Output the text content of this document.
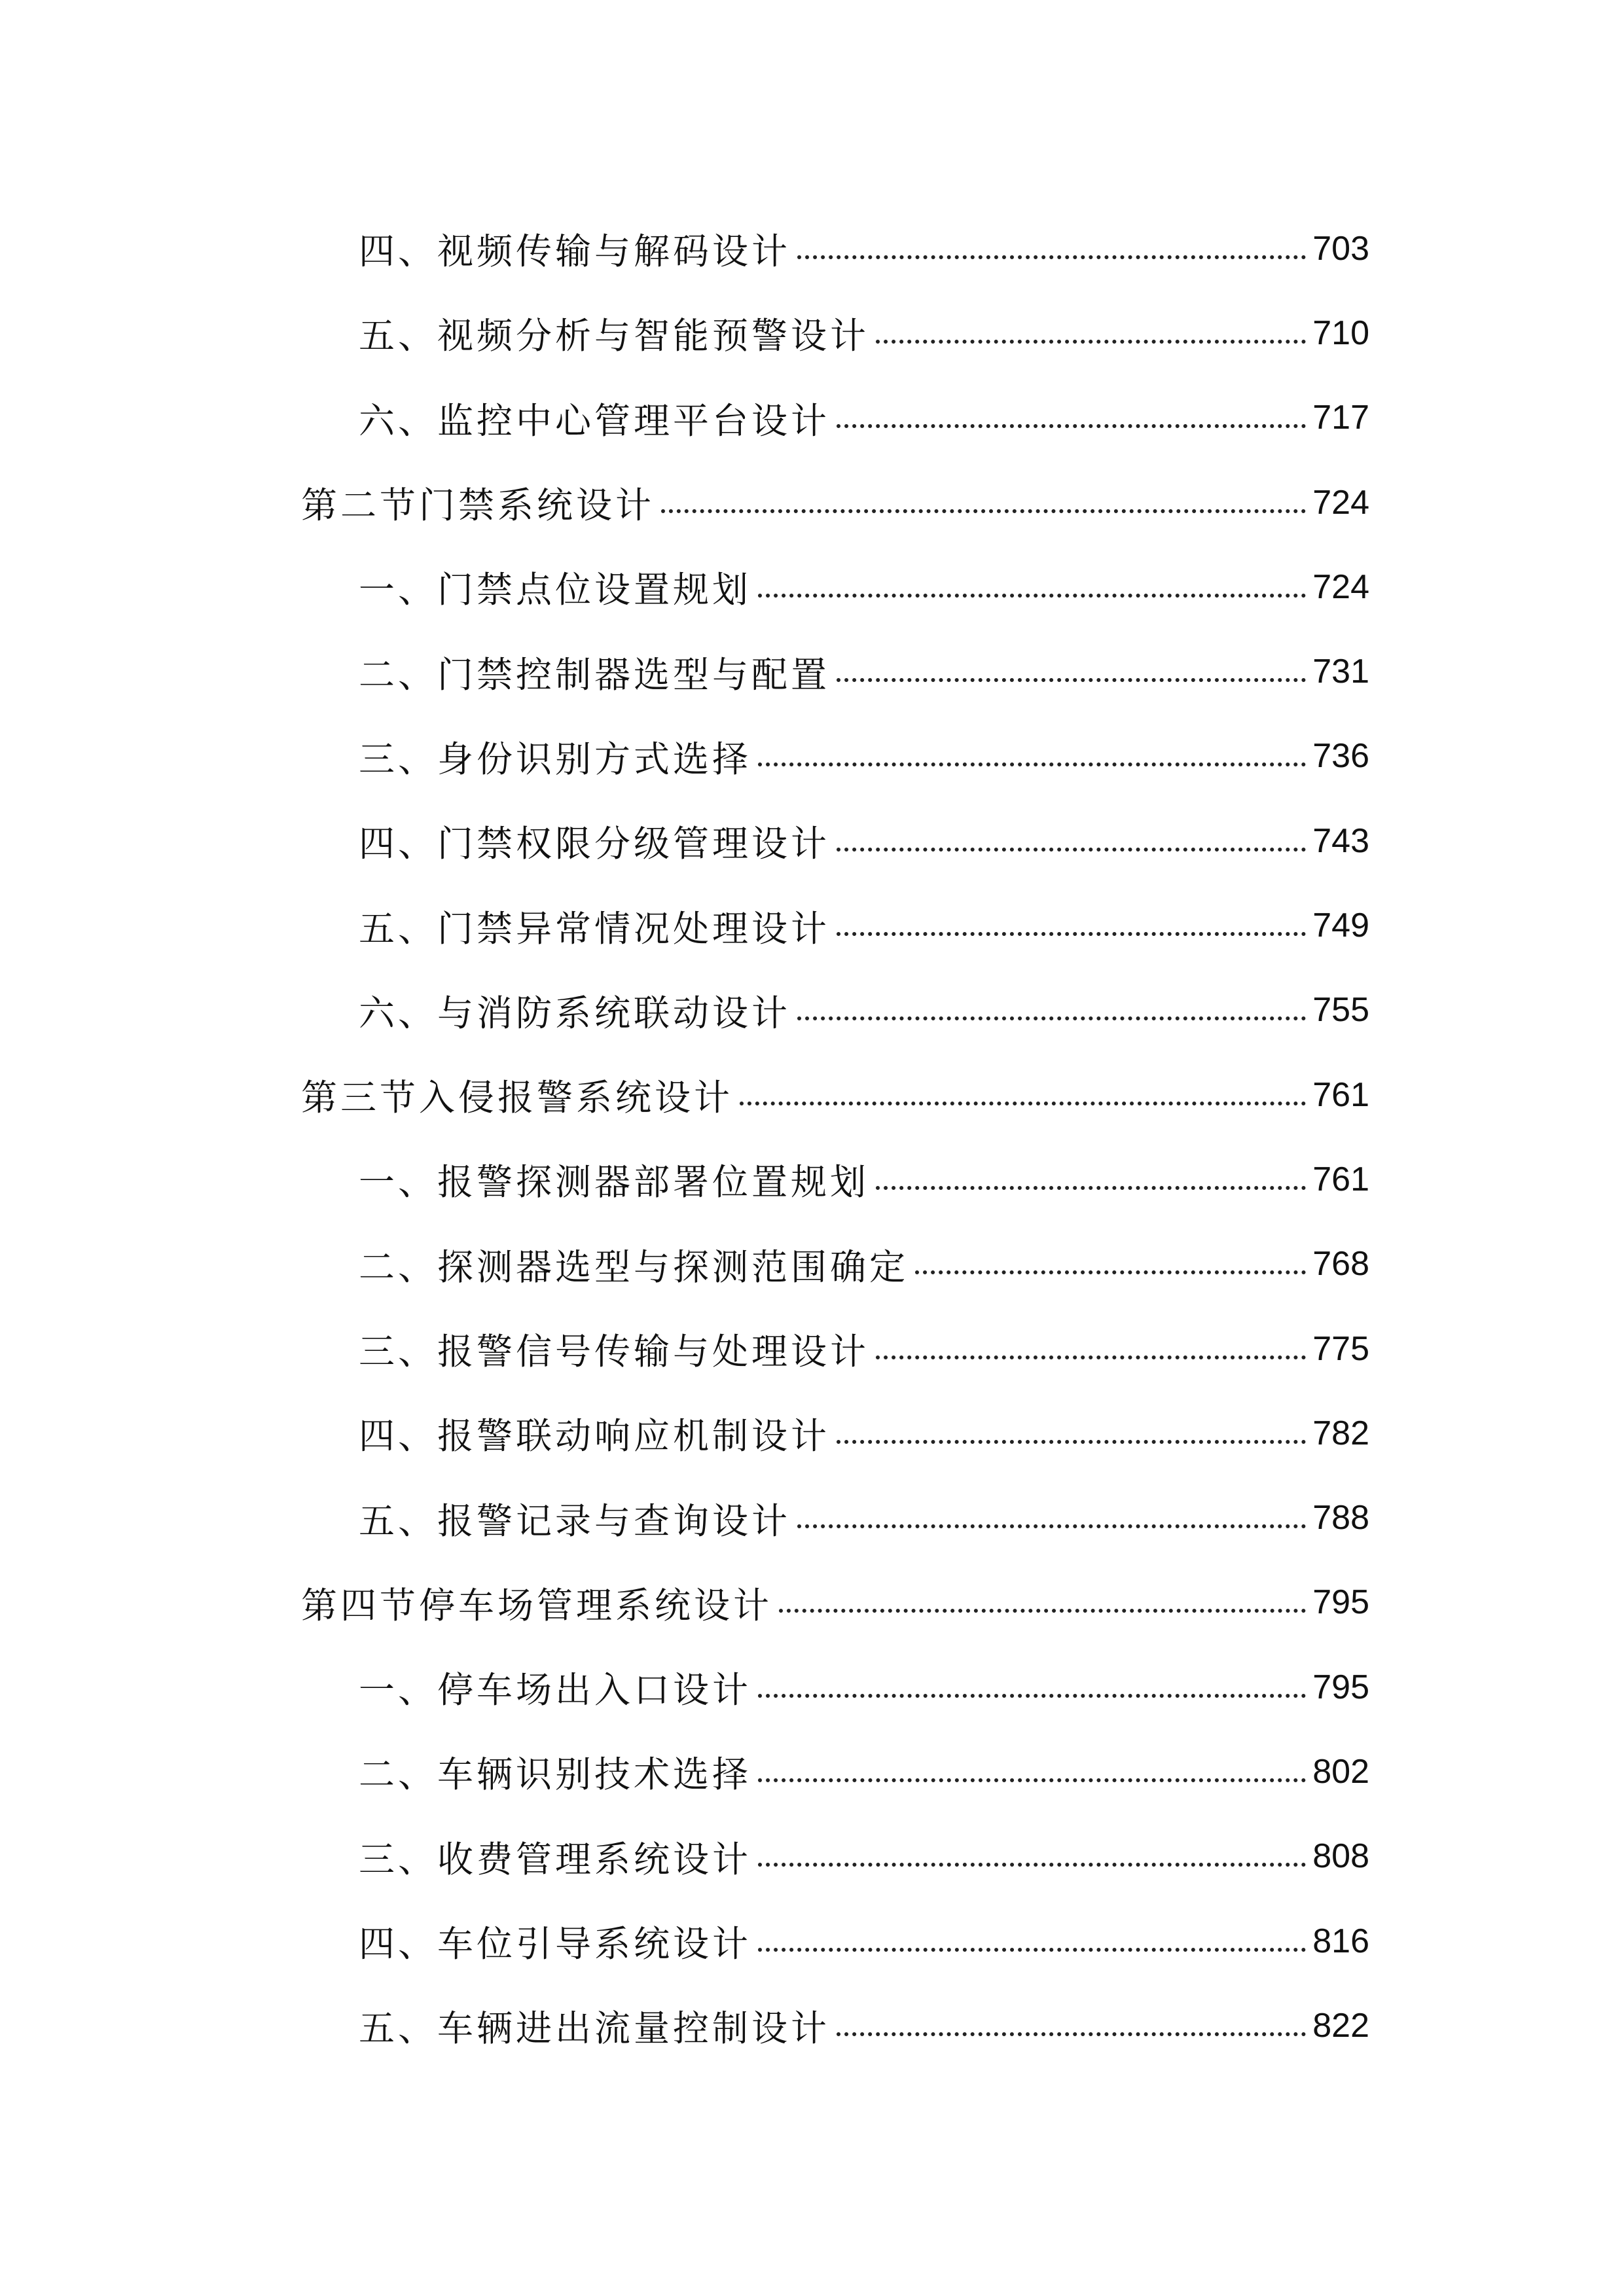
四、视频传输与解码设计	703
五、视频分析与智能预警设计	710
六、监控中心管理平台设计	717
第二节门禁系统设计	724
一、门禁点位设置规划	724
二、门禁控制器选型与配置	731
三、身份识别方式选择	736
四、门禁权限分级管理设计	743
五、门禁异常情况处理设计	749
六、与消防系统联动设计	755
第三节入侵报警系统设计	761
一、报警探测器部署位置规划	761
二、探测器选型与探测范围确定	768
三、报警信号传输与处理设计	775
四、报警联动响应机制设计	782
五、报警记录与查询设计	788
第四节停车场管理系统设计	795
一、停车场出入口设计	795
二、车辆识别技术选择	802
三、收费管理系统设计	808
四、车位引导系统设计	816
五、车辆进出流量控制设计	822
